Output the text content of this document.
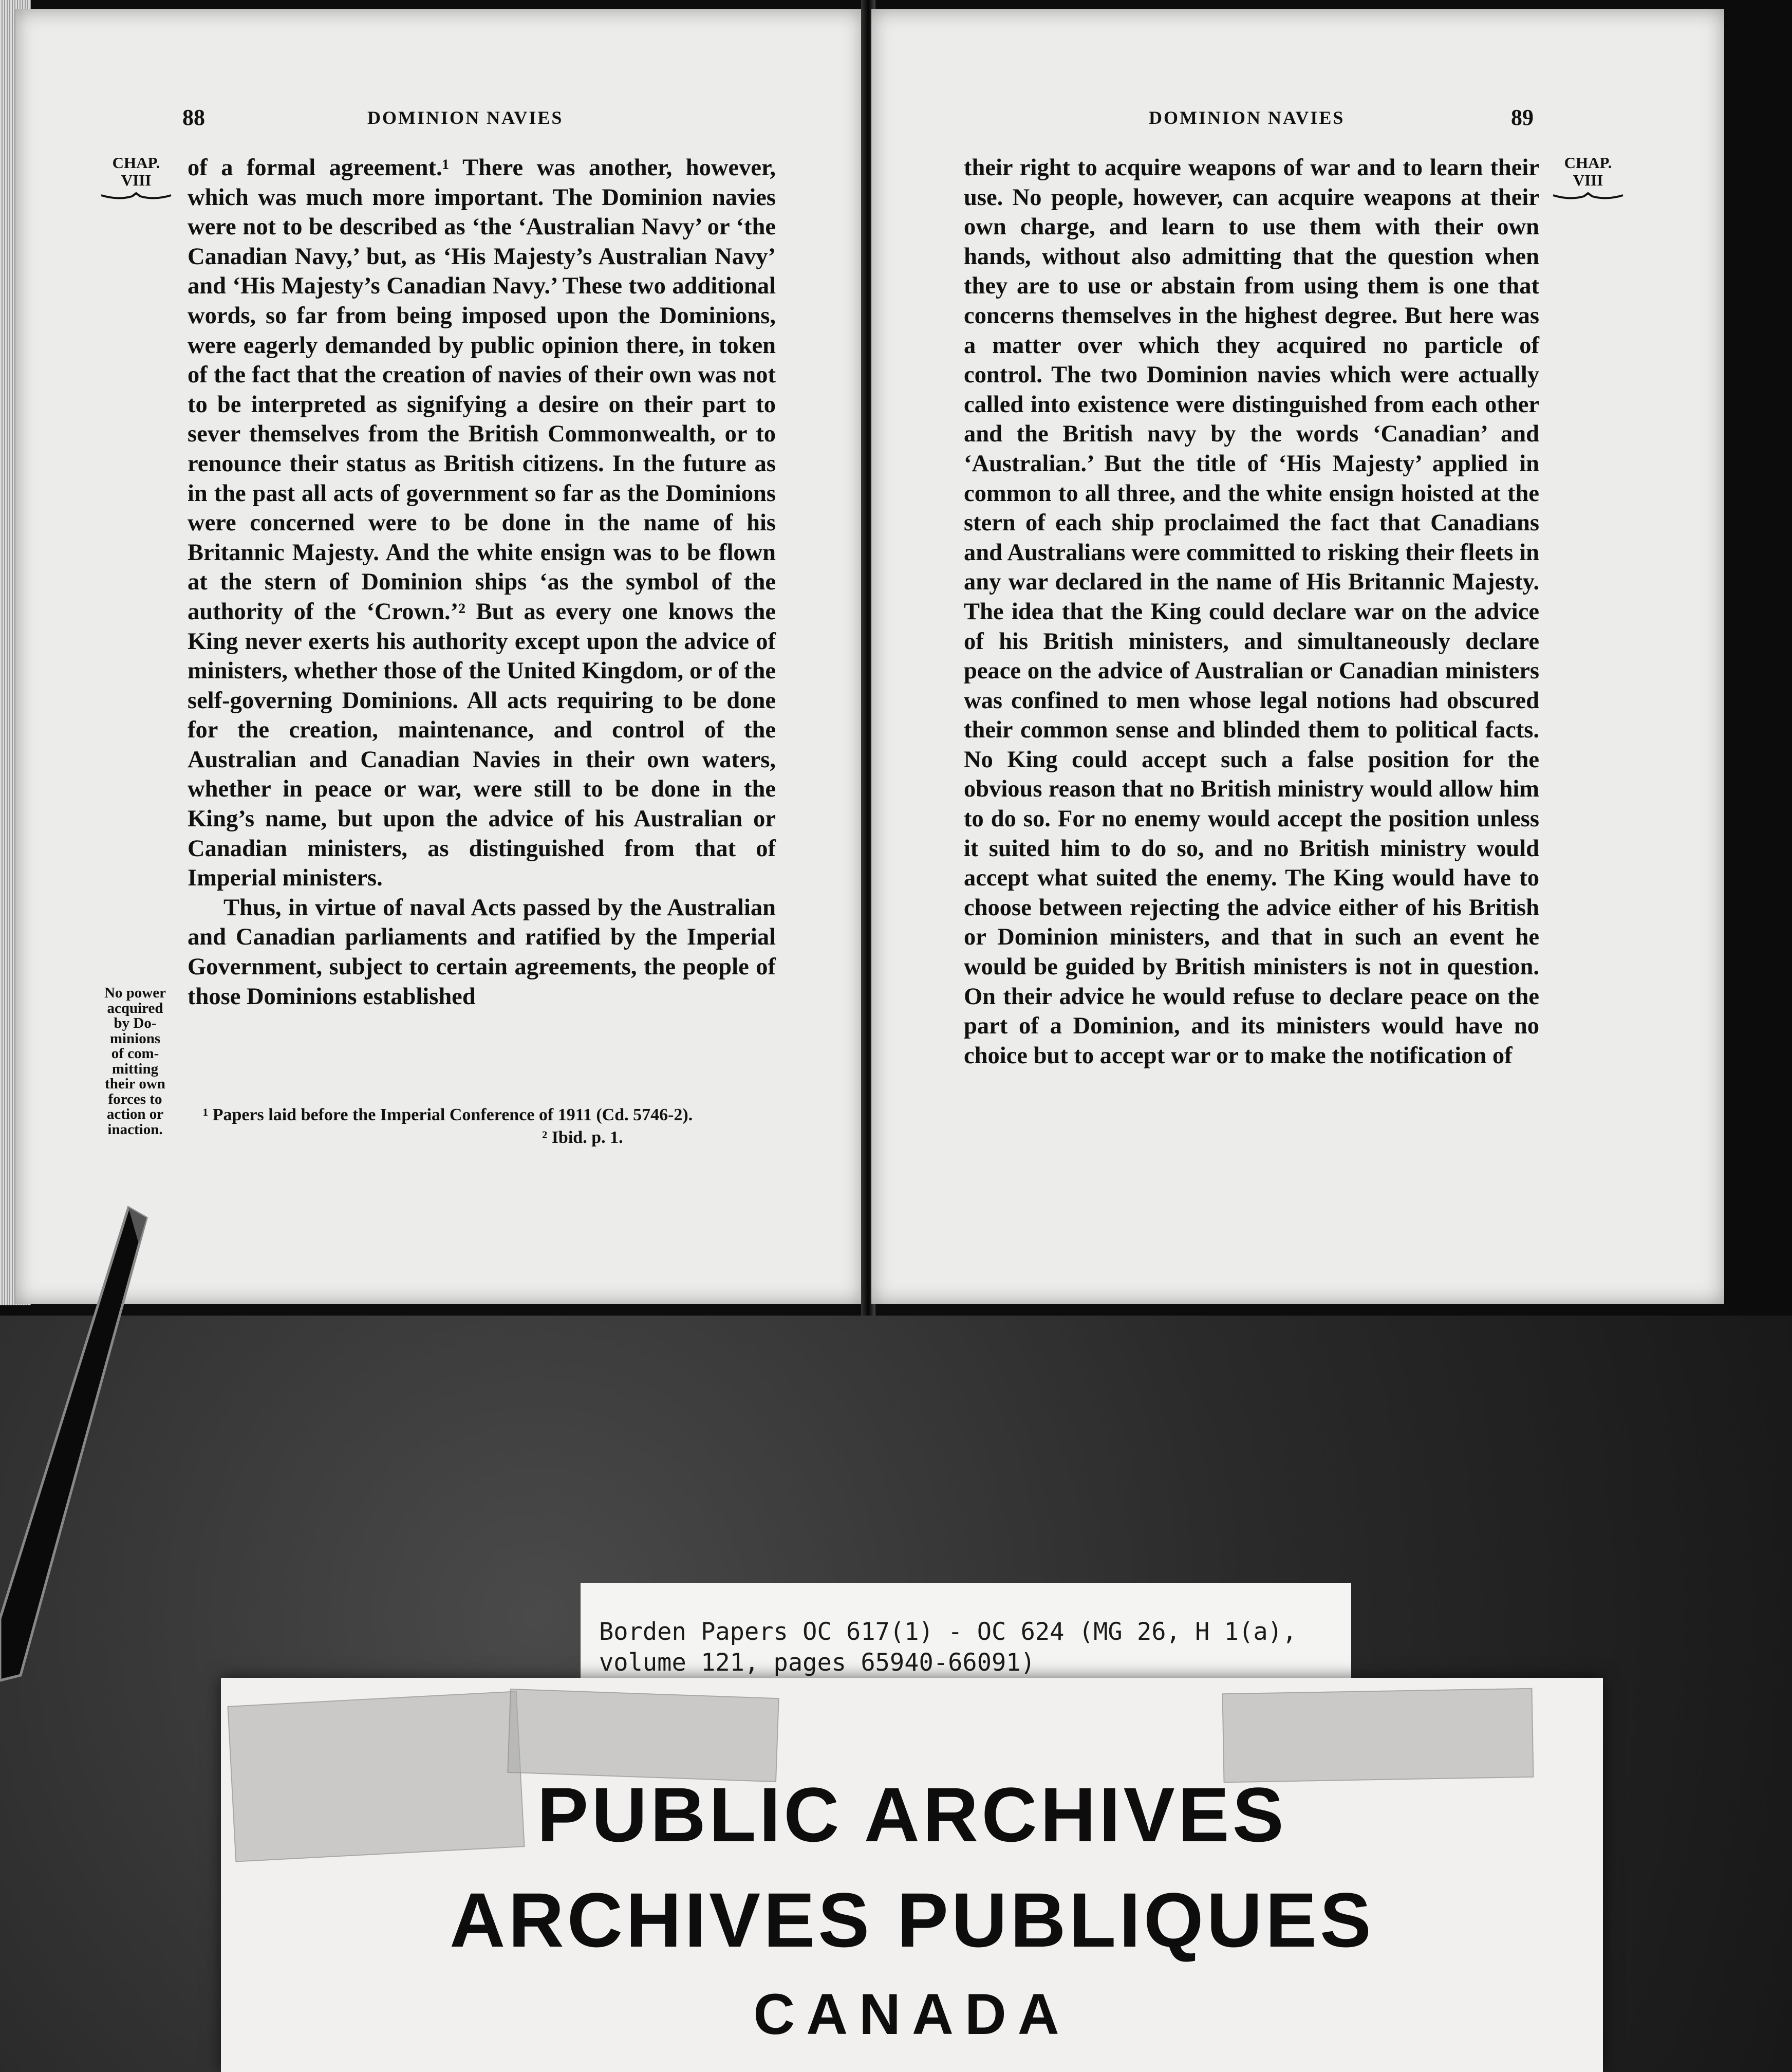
88	DOMINION NAVIES
CHAP.
VIII	of a formal agreement.¹ There was another, however, which was much more important. The Dominion navies were not to be described as ‘the ‘Australian Navy’ or ‘the Canadian Navy,’ but, as ‘His Majesty’s Australian Navy’ and ‘His Majesty’s Canadian Navy.’ These two additional words, so far from being imposed upon the Dominions, were eagerly demanded by public opinion there, in token of the fact that the creation of navies of their own was not to be interpreted as signifying a desire on their part to sever themselves from the British Commonwealth, or to renounce their status as British citizens. In the future as in the past all acts of government so far as the Dominions were concerned were to be done in the name of his Britannic Majesty. And the white ensign was to be flown at the stern of Dominion ships ‘as the symbol of the authority of the ‘Crown.’² But as every one knows the King never exerts his authority except upon the advice of ministers, whether those of the United Kingdom, or of the self-governing Dominions. All acts requiring to be done for the creation, maintenance, and control of the Australian and Canadian Navies in their own waters, whether in peace or war, were still to be done in the King’s name, but upon the advice of his Australian or Canadian ministers, as distinguished from that of Imperial ministers.

Thus, in virtue of naval Acts passed by the Australian and Canadian parliaments and ratified by the Imperial Government, subject to certain agreements, the people of those Dominions established

No power
acquired
by Do-
minions
of com-
mitting
their own
forces to
action or
inaction.

¹ Papers laid before the Imperial Conference of 1911 (Cd. 5746-2).

² Ibid. p. 1.

DOMINION NAVIES	89
CHAP.
VIII

their right to acquire weapons of war and to learn their use. No people, however, can acquire weapons at their own charge, and learn to use them with their own hands, without also admitting that the question when they are to use or abstain from using them is one that concerns themselves in the highest degree. But here was a matter over which they acquired no particle of control. The two Dominion navies which were actually called into existence were distinguished from each other and the British navy by the words ‘Canadian’ and ‘Australian.’ But the title of ‘His Majesty’ applied in common to all three, and the white ensign hoisted at the stern of each ship proclaimed the fact that Canadians and Australians were committed to risking their fleets in any war declared in the name of His Britannic Majesty. The idea that the King could declare war on the advice of his British ministers, and simultaneously declare peace on the advice of Australian or Canadian ministers was confined to men whose legal notions had obscured their common sense and blinded them to political facts. No King could accept such a false position for the obvious reason that no British ministry would allow him to do so. For no enemy would accept the position unless it suited him to do so, and no British ministry would accept what suited the enemy. The King would have to choose between rejecting the advice either of his British or Dominion ministers, and that in such an event he would be guided by British ministers is not in question. On their advice he would refuse to declare peace on the part of a Dominion, and its ministers would have no choice but to accept war or to make the notification of

Borden Papers OC 617(1) - OC 624 (MG 26, H 1(a),
volume 121, pages 65940-66091)
PUBLIC ARCHIVES
ARCHIVES PUBLIQUES
CANADA
